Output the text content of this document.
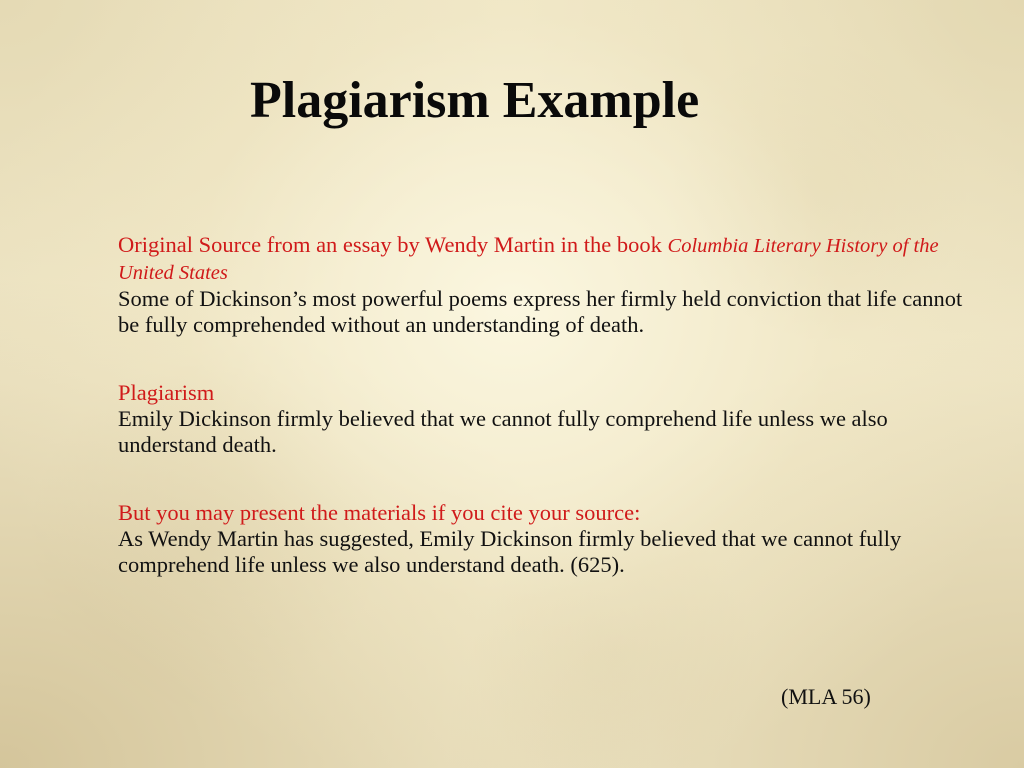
Plagiarism Example
Original Source from an essay by Wendy Martin in the book Columbia Literary History of the United States
Some of Dickinson’s most powerful poems express her firmly held conviction that life cannot be fully comprehended without an understanding of death.
Plagiarism
Emily Dickinson firmly believed that we cannot fully comprehend life unless we also understand death.
But you may present the materials if you cite your source:
As Wendy Martin has suggested, Emily Dickinson firmly believed that we cannot fully comprehend life unless we also understand death. (625).
(MLA 56)
